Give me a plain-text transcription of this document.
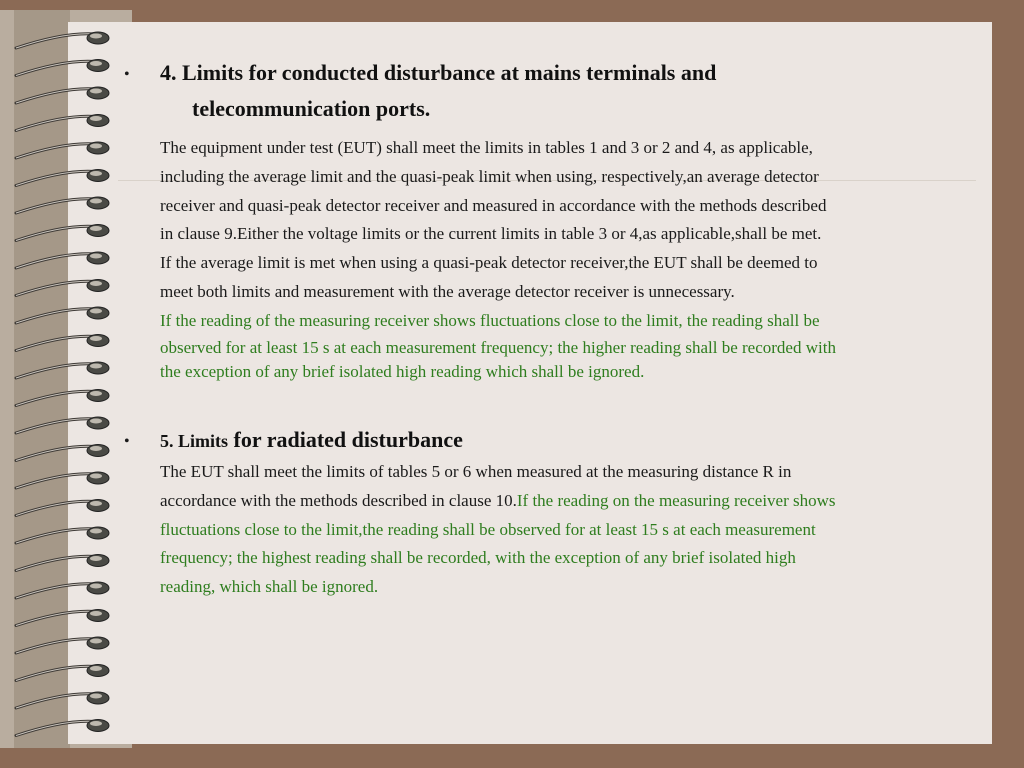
• 4. Limits for conducted disturbance at mains terminals and
telecommunication ports.
The equipment under test (EUT) shall meet the limits in tables 1 and 3 or 2 and 4, as applicable,
including the average limit and the quasi-peak limit when using, respectively,an average detector
receiver and quasi-peak detector receiver and measured in accordance with the methods described
in clause 9.Either the voltage limits or the current limits in table 3 or 4,as applicable,shall be met.
If the average limit is met when using a quasi-peak detector receiver,the EUT shall be deemed to
meet both limits and measurement with the average detector receiver is unnecessary.
If the reading of the measuring receiver shows fluctuations close to the limit, the reading shall be
observed for at least 15 s at each measurement frequency; the higher reading shall be recorded with
the exception of any brief isolated high reading which shall be ignored.
• 5. Limits for radiated disturbance
The EUT shall meet the limits of tables 5 or 6 when measured at the measuring distance R in
accordance with the methods described in clause 10.If the reading on the measuring receiver shows
fluctuations close to the limit,the reading shall be observed for at least 15 s at each measurement
frequency; the highest reading shall be recorded, with the exception of any brief isolated high
reading, which shall be ignored.
